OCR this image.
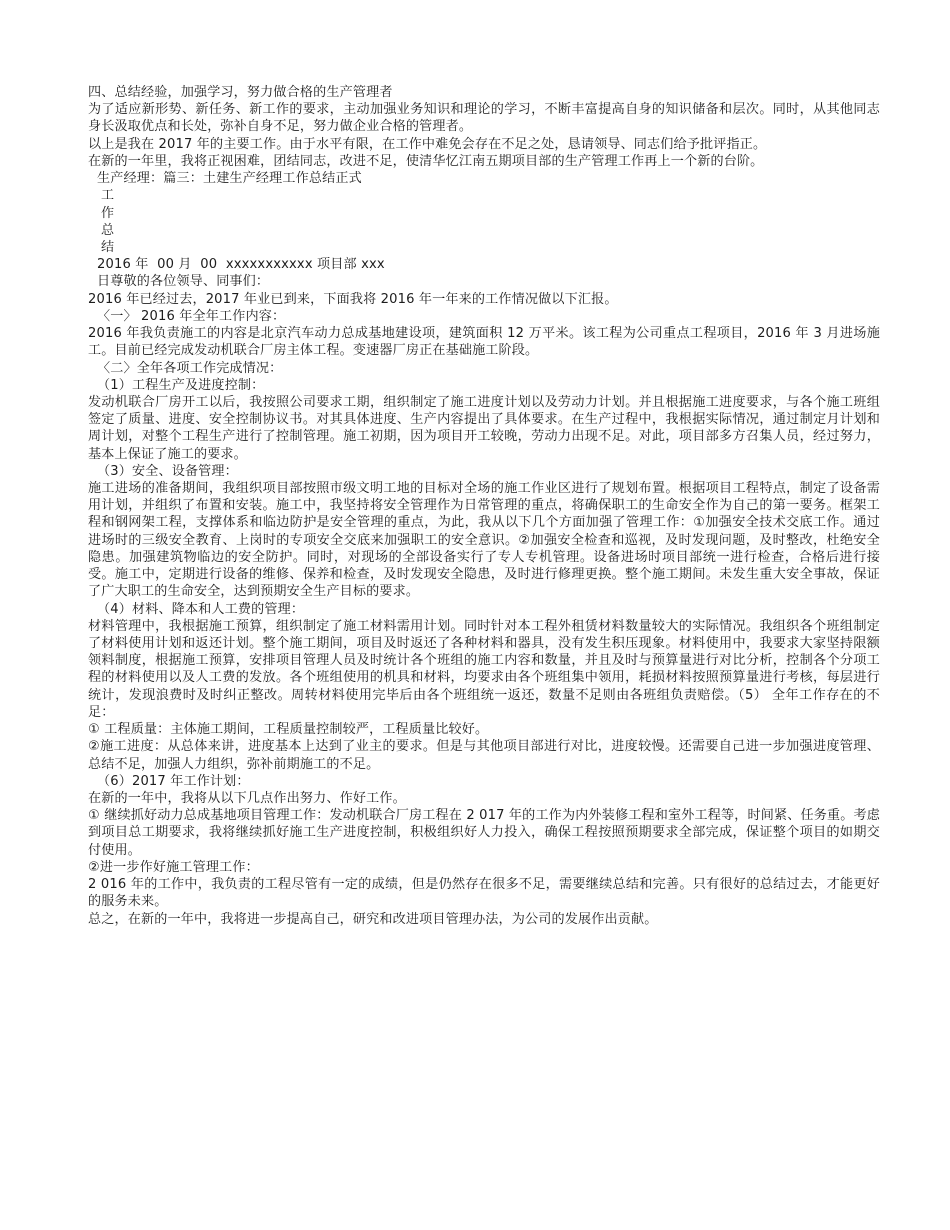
四、总结经验，加强学习，努力做合格的生产管理者

为了适应新形势、新任务、新工作的要求，主动加强业务知识和理论的学习，不断丰富提高自身的知识储备和层次。同时，从其他同志身长汲取优点和长处，弥补自身不足，努力做企业合格的管理者。

以上是我在 2017 年的主要工作。由于水平有限，在工作中难免会存在不足之处，恳请领导、同志们给予批评指正。

在新的一年里，我将正视困难，团结同志，改进不足，使清华忆江南五期项目部的生产管理工作再上一个新的台阶。

生产经理：篇三：土建生产经理工作总结正式

工

作

总

结

2016 年  00 月  00  xxxxxxxxxxx 项目部 xxx

日尊敬的各位领导、同事们：

2016 年已经过去，2017 年业已到来，下面我将 2016 年一年来的工作情况做以下汇报。

〈一〉 2016 年全年工作内容：

2016 年我负责施工的内容是北京汽车动力总成基地建设项，建筑面积 12 万平米。该工程为公司重点工程项目，2016 年 3 月进场施工。目前已经完成发动机联合厂房主体工程。变速器厂房正在基础施工阶段。

〈二〉全年各项工作完成情况：

（1）工程生产及进度控制：

发动机联合厂房开工以后，我按照公司要求工期，组织制定了施工进度计划以及劳动力计划。并且根据施工进度要求，与各个施工班组签定了质量、进度、安全控制协议书。对其具体进度、生产内容提出了具体要求。在生产过程中，我根据实际情况，通过制定月计划和周计划，对整个工程生产进行了控制管理。施工初期，因为项目开工较晚，劳动力出现不足。对此，项目部多方召集人员，经过努力，基本上保证了施工的要求。

（3）安全、设备管理：

施工进场的准备期间，我组织项目部按照市级文明工地的目标对全场的施工作业区进行了规划布置。根据项目工程特点，制定了设备需用计划，并组织了布置和安装。施工中，我坚持将安全管理作为日常管理的重点，将确保职工的生命安全作为自己的第一要务。框架工程和钢网架工程，支撑体系和临边防护是安全管理的重点，为此，我从以下几个方面加强了管理工作：①加强安全技术交底工作。通过进场时的三级安全教育、上岗时的专项安全交底来加强职工的安全意识。②加强安全检查和巡视，及时发现问题，及时整改，杜绝安全隐患。加强建筑物临边的安全防护。同时，对现场的全部设备实行了专人专机管理。设备进场时项目部统一进行检查，合格后进行接受。施工中，定期进行设备的维修、保养和检查，及时发现安全隐患，及时进行修理更换。整个施工期间。未发生重大安全事故，保证了广大职工的生命安全，达到预期安全生产目标的要求。

（4）材料、降本和人工费的管理：

材料管理中，我根据施工预算，组织制定了施工材料需用计划。同时针对本工程外租赁材料数量较大的实际情况。我组织各个班组制定了材料使用计划和返还计划。整个施工期间，项目及时返还了各种材料和器具，没有发生积压现象。材料使用中，我要求大家坚持限额领料制度，根据施工预算，安排项目管理人员及时统计各个班组的施工内容和数量，并且及时与预算量进行对比分析，控制各个分项工程的材料使用以及人工费的发放。各个班组使用的机具和材料，均要求由各个班组集中领用，耗损材料按照预算量进行考核，每层进行统计，发现浪费时及时纠正整改。周转材料使用完毕后由各个班组统一返还，数量不足则由各班组负责赔偿。（5） 全年工作存在的不足：

① 工程质量：主体施工期间，工程质量控制较严，工程质量比较好。

②施工进度：从总体来讲，进度基本上达到了业主的要求。但是与其他项目部进行对比，进度较慢。还需要自己进一步加强进度管理、总结不足，加强人力组织，弥补前期施工的不足。

（6）2017 年工作计划：

在新的一年中，我将从以下几点作出努力、作好工作。

① 继续抓好动力总成基地项目管理工作：发动机联合厂房工程在 2 017 年的工作为内外装修工程和室外工程等，时间紧、任务重。考虑到项目总工期要求，我将继续抓好施工生产进度控制，积极组织好人力投入，确保工程按照预期要求全部完成，保证整个项目的如期交付使用。

②进一步作好施工管理工作：

2 016 年的工作中，我负责的工程尽管有一定的成绩，但是仍然存在很多不足，需要继续总结和完善。只有很好的总结过去，才能更好的服务未来。

总之，在新的一年中，我将进一步提高自己，研究和改进项目管理办法，为公司的发展作出贡献。
